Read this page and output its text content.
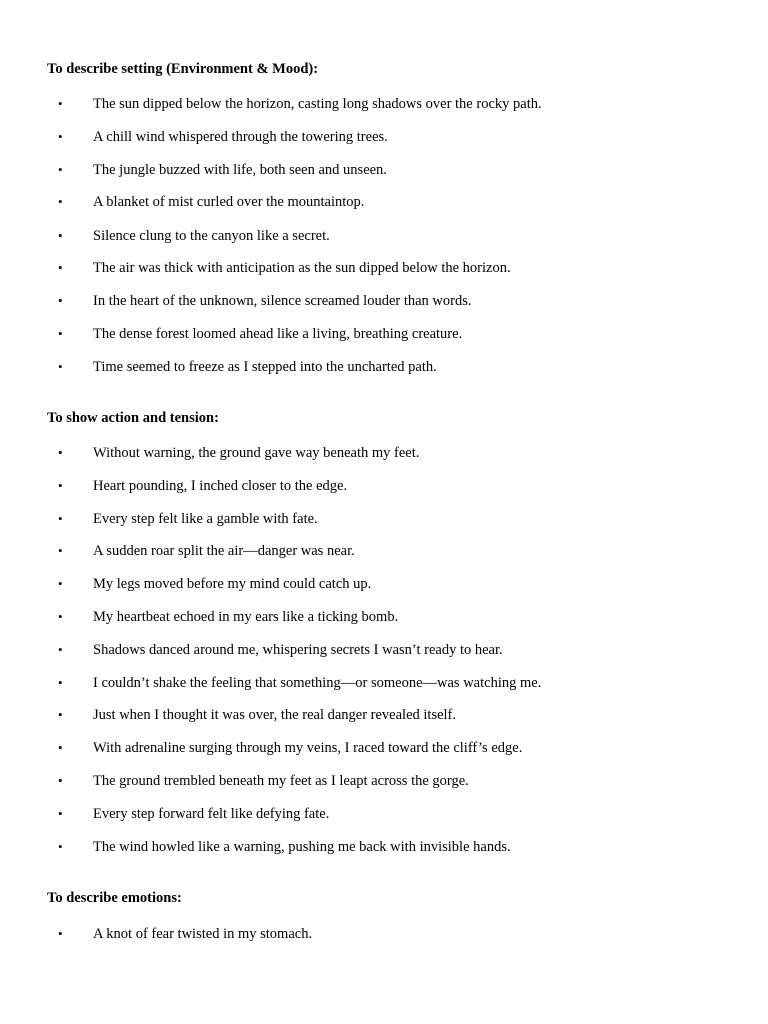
To describe setting (Environment & Mood):
• The sun dipped below the horizon, casting long shadows over the rocky path.
• A chill wind whispered through the towering trees.
• The jungle buzzed with life, both seen and unseen.
• A blanket of mist curled over the mountaintop.
• Silence clung to the canyon like a secret.
• The air was thick with anticipation as the sun dipped below the horizon.
• In the heart of the unknown, silence screamed louder than words.
• The dense forest loomed ahead like a living, breathing creature.
• Time seemed to freeze as I stepped into the uncharted path.
To show action and tension:
• Without warning, the ground gave way beneath my feet.
• Heart pounding, I inched closer to the edge.
• Every step felt like a gamble with fate.
• A sudden roar split the air—danger was near.
• My legs moved before my mind could catch up.
• My heartbeat echoed in my ears like a ticking bomb.
• Shadows danced around me, whispering secrets I wasn’t ready to hear.
• I couldn’t shake the feeling that something—or someone—was watching me.
• Just when I thought it was over, the real danger revealed itself.
• With adrenaline surging through my veins, I raced toward the cliff’s edge.
• The ground trembled beneath my feet as I leapt across the gorge.
• Every step forward felt like defying fate.
• The wind howled like a warning, pushing me back with invisible hands.
To describe emotions:
• A knot of fear twisted in my stomach.
